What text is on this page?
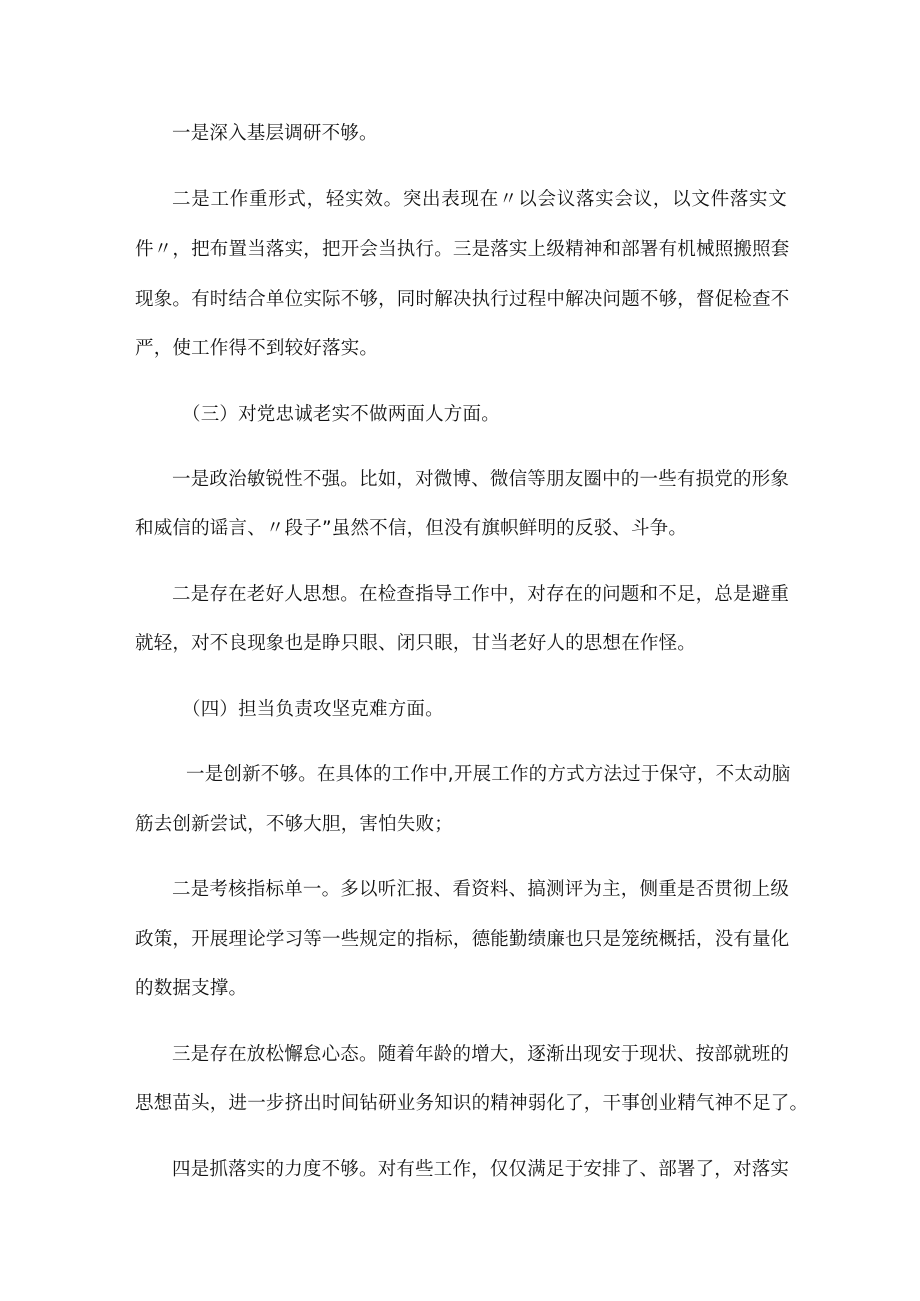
一是深入基层调研不够。
二是工作重形式，轻实效。突出表现在〃以会议落实会议，以文件落实文
件〃，把布置当落实，把开会当执行。三是落实上级精神和部署有机械照搬照套
现象。有时结合单位实际不够，同时解决执行过程中解决问题不够，督促检查不
严，使工作得不到较好落实。
（三）对党忠诚老实不做两面人方面。
一是政治敏锐性不强。比如，对微博、微信等朋友圈中的一些有损党的形象
和威信的谣言、〃段子”虽然不信，但没有旗帜鲜明的反驳、斗争。
二是存在老好人思想。在检查指导工作中，对存在的问题和不足，总是避重
就轻，对不良现象也是睁只眼、闭只眼，甘当老好人的思想在作怪。
（四）担当负责攻坚克难方面。
一是创新不够。在具体的工作中,开展工作的方式方法过于保守，不太动脑
筋去创新尝试，不够大胆，害怕失败；
二是考核指标单一。多以听汇报、看资料、搞测评为主，侧重是否贯彻上级
政策，开展理论学习等一些规定的指标，德能勤绩廉也只是笼统概括，没有量化
的数据支撑。
三是存在放松懈怠心态。随着年龄的增大，逐渐出现安于现状、按部就班的
思想苗头，进一步挤出时间钻研业务知识的精神弱化了，干事创业精气神不足了。
四是抓落实的力度不够。对有些工作，仅仅满足于安排了、部署了，对落实
